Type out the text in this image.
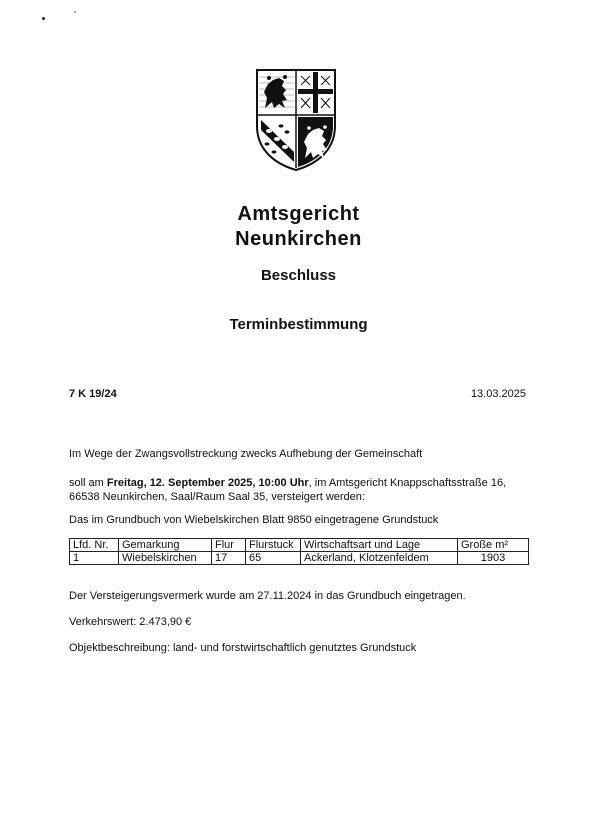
Amtsgericht
Neunkirchen
Beschluss
Terminbestimmung
7 K 19/24	13.03.2025
Im Wege der Zwangsvollstreckung zwecks Aufhebung der Gemeinschaft
soll am Freitag, 12. September 2025, 10:00 Uhr, im Amtsgericht Knappschaftsstraße 16,
66538 Neunkirchen, Saal/Raum Saal 35, versteigert werden:
Das im Grundbuch von Wiebelskirchen Blatt 9850 eingetragene Grundstuck
Lfd. Nr.	Gemarkung	Flur	Flurstuck	Wirtschaftsart und Lage	Große m²
1	Wiebelskirchen	17	65	Ackerland, Klotzenfeldem	1903
Der Versteigerungsvermerk wurde am 27.11.2024 in das Grundbuch eingetragen.
Verkehrswert: 2.473,90 €
Objektbeschreibung: land- und forstwirtschaftlich genutztes Grundstuck
